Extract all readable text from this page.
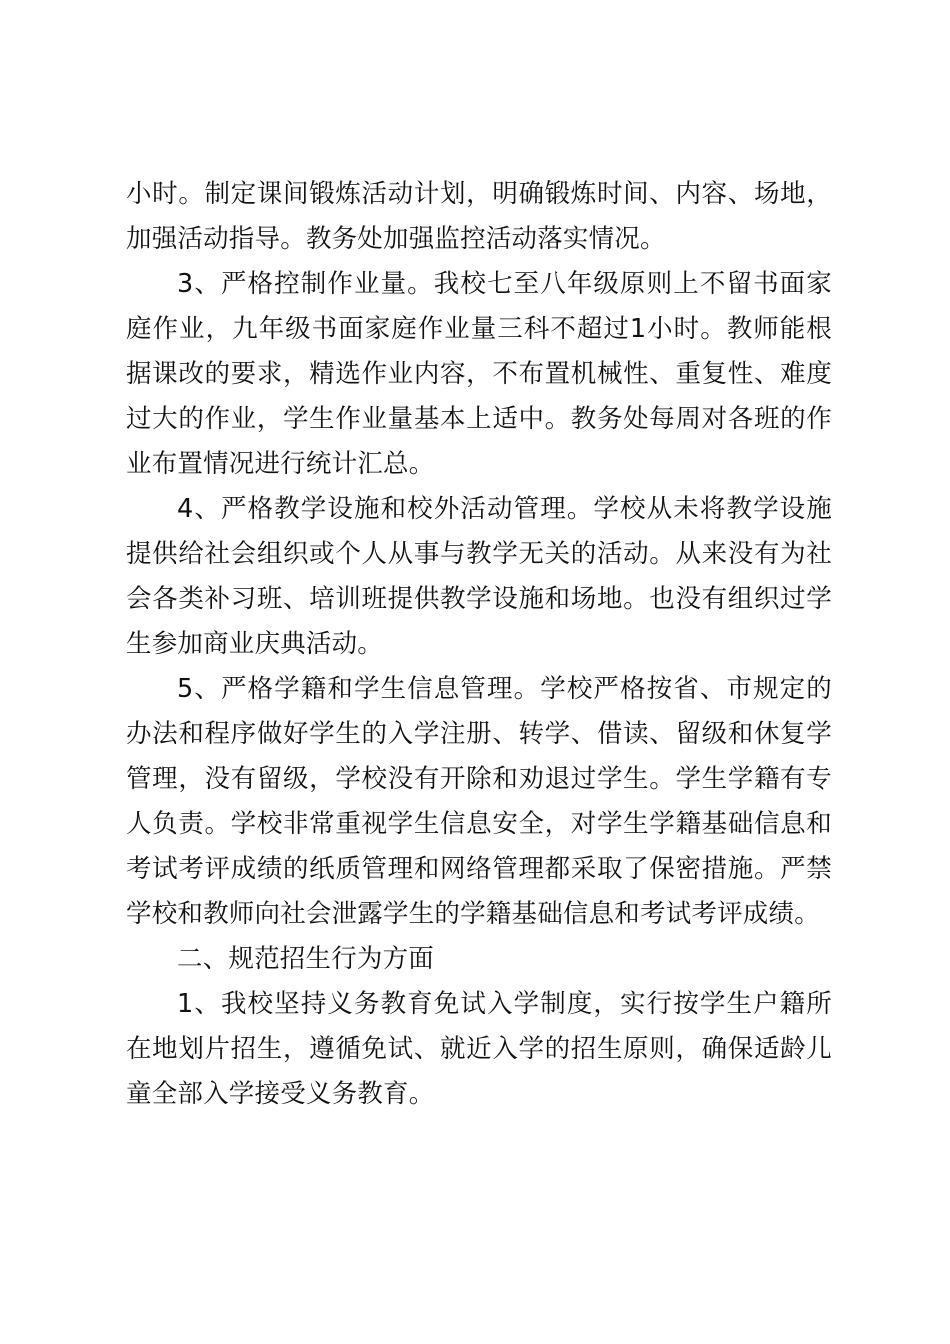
小时。制定课间锻炼活动计划，明确锻炼时间、内容、场地，加强活动指导。教务处加强监控活动落实情况。

3、严格控制作业量。我校七至八年级原则上不留书面家庭作业，九年级书面家庭作业量三科不超过1小时。教师能根据课改的要求，精选作业内容，不布置机械性、重复性、难度过大的作业，学生作业量基本上适中。教务处每周对各班的作业布置情况进行统计汇总。

4、严格教学设施和校外活动管理。学校从未将教学设施提供给社会组织或个人从事与教学无关的活动。从来没有为社会各类补习班、培训班提供教学设施和场地。也没有组织过学生参加商业庆典活动。

5、严格学籍和学生信息管理。学校严格按省、市规定的办法和程序做好学生的入学注册、转学、借读、留级和休复学管理，没有留级，学校没有开除和劝退过学生。学生学籍有专人负责。学校非常重视学生信息安全，对学生学籍基础信息和考试考评成绩的纸质管理和网络管理都采取了保密措施。严禁学校和教师向社会泄露学生的学籍基础信息和考试考评成绩。

二、规范招生行为方面

1、我校坚持义务教育免试入学制度，实行按学生户籍所在地划片招生，遵循免试、就近入学的招生原则，确保适龄儿童全部入学接受义务教育。
